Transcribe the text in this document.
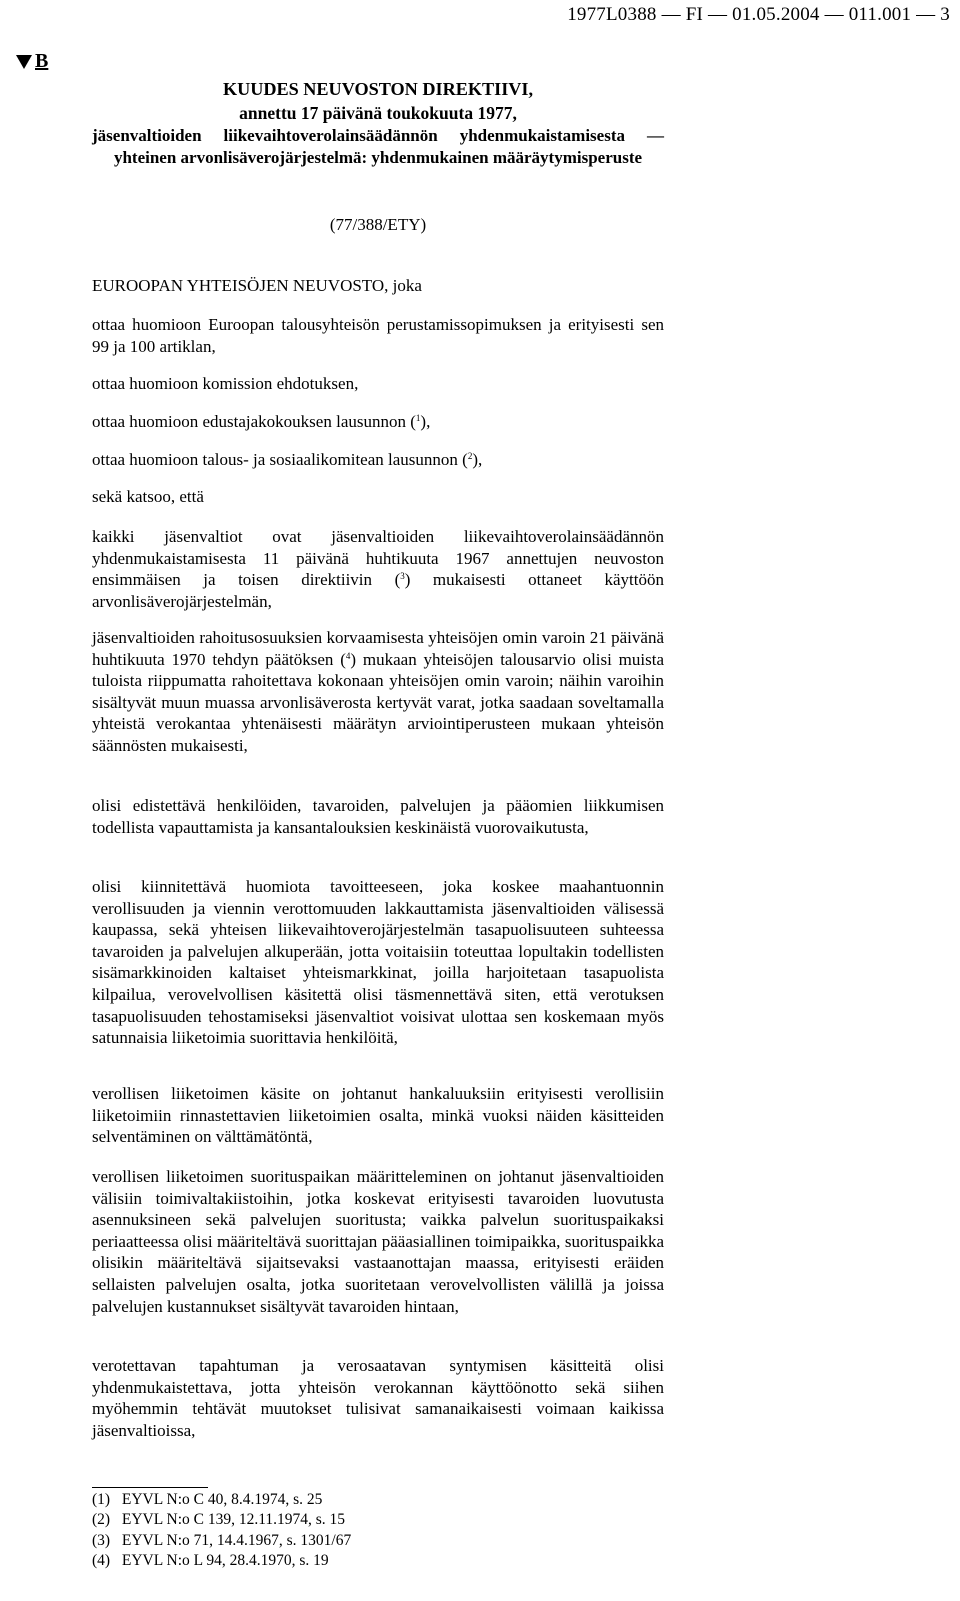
1977L0388 — FI — 01.05.2004 — 011.001 — 3
B
KUUDES NEUVOSTON DIREKTIIVI,
annettu 17 päivänä toukokuuta 1977,
jäsenvaltioiden liikevaihtoverolainsäädännön yhdenmukaistamisesta — yhteinen arvonlisäverojärjestelmä: yhdenmukainen määräytymisperuste
(77/388/ETY)

EUROOPAN YHTEISÖJEN NEUVOSTO, joka

ottaa huomioon Euroopan talousyhteisön perustamissopimuksen ja erityisesti sen 99 ja 100 artiklan,

ottaa huomioon komission ehdotuksen,

ottaa huomioon edustajakokouksen lausunnon ($^1$),

ottaa huomioon talous- ja sosiaalikomitean lausunnon ($^2$),

sekä katsoo, että

kaikki jäsenvaltiot ovat jäsenvaltioiden liikevaihtoverolainsäädännön yhdenmukaistamisesta 11 päivänä huhtikuuta 1967 annettujen neuvoston ensimmäisen ja toisen direktiivin ($^3$) mukaisesti ottaneet käyttöön arvonlisäverojärjestelmän,

jäsenvaltioiden rahoitusosuuksien korvaamisesta yhteisöjen omin varoin 21 päivänä huhtikuuta 1970 tehdyn päätöksen ($^4$) mukaan yhteisöjen talousarvio olisi muista tuloista riippumatta rahoitettava kokonaan yhteisöjen omin varoin; näihin varoihin sisältyvät muun muassa arvonlisäverosta kertyvät varat, jotka saadaan soveltamalla yhteistä verokantaa yhtenäisesti määrätyn arviointiperusteen mukaan yhteisön säännösten mukaisesti,

olisi edistettävä henkilöiden, tavaroiden, palvelujen ja pääomien liikkumisen todellista vapauttamista ja kansantalouksien keskinäistä vuorovaikutusta,

olisi kiinnitettävä huomiota tavoitteeseen, joka koskee maahantuonnin verollisuuden ja viennin verottomuuden lakkauttamista jäsenvaltioiden välisessä kaupassa, sekä yhteisen liikevaihtoverojärjestelmän tasapuolisuuteen suhteessa tavaroiden ja palvelujen alkuperään, jotta voitaisiin toteuttaa lopultakin todellisten sisämarkkinoiden kaltaiset yhteismarkkinat, joilla harjoitetaan tasapuolista kilpailua, verovelvollisen käsitettä olisi täsmennettävä siten, että verotuksen tasapuolisuuden tehostamiseksi jäsenvaltiot voisivat ulottaa sen koskemaan myös satunnaisia liiketoimia suorittavia henkilöitä,

verollisen liiketoimen käsite on johtanut hankaluuksiin erityisesti verollisiin liiketoimiin rinnastettavien liiketoimien osalta, minkä vuoksi näiden käsitteiden selventäminen on välttämätöntä,

verollisen liiketoimen suorituspaikan määritteleminen on johtanut jäsenvaltioiden välisiin toimivaltakiistoihin, jotka koskevat erityisesti tavaroiden luovutusta asennuksineen sekä palvelujen suoritusta; vaikka palvelun suorituspaikaksi periaatteessa olisi määriteltävä suorittajan pääasiallinen toimipaikka, suorituspaikka olisikin määriteltävä sijaitsevaksi vastaanottajan maassa, erityisesti eräiden sellaisten palvelujen osalta, jotka suoritetaan verovelvollisten välillä ja joissa palvelujen kustannukset sisältyvät tavaroiden hintaan,

verotettavan tapahtuman ja verosaatavan syntymisen käsitteitä olisi yhdenmukaistettava, jotta yhteisön verokannan käyttöönotto sekä siihen myöhemmin tehtävät muutokset tulisivat samanaikaisesti voimaan kaikissa jäsenvaltioissa,

(1) EYVL N:o C 40, 8.4.1974, s. 25
(2) EYVL N:o C 139, 12.11.1974, s. 15
(3) EYVL N:o 71, 14.4.1967, s. 1301/67
(4) EYVL N:o L 94, 28.4.1970, s. 19
